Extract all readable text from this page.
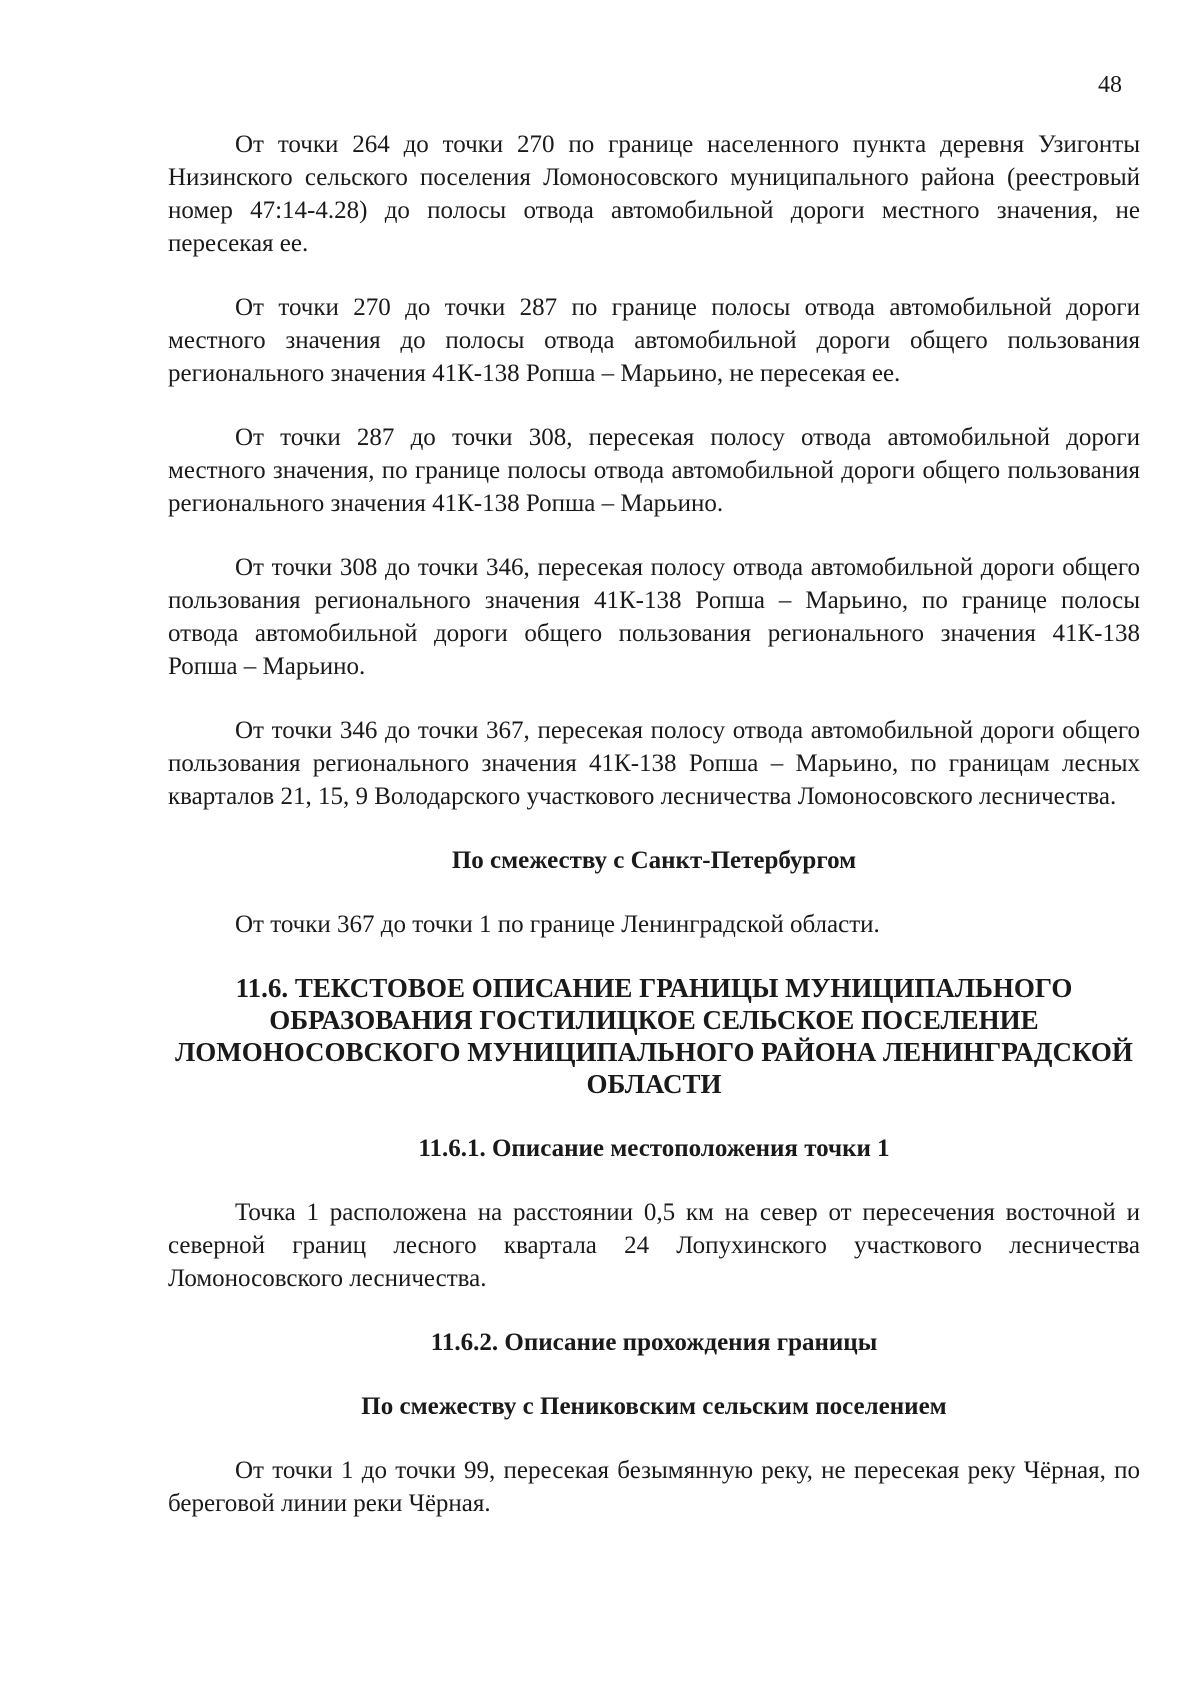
48

От точки 264 до точки 270 по границе населенного пункта деревня Узигонты Низинского сельского поселения Ломоносовского муниципального района (реестровый номер 47:14-4.28) до полосы отвода автомобильной дороги местного значения, не пересекая ее.

От точки 270 до точки 287 по границе полосы отвода автомобильной дороги местного значения до полосы отвода автомобильной дороги общего пользования регионального значения 41К-138 Ропша – Марьино, не пересекая ее.

От точки 287 до точки 308, пересекая полосу отвода автомобильной дороги местного значения, по границе полосы отвода автомобильной дороги общего пользования регионального значения 41К-138 Ропша – Марьино.

От точки 308 до точки 346, пересекая полосу отвода автомобильной дороги общего пользования регионального значения 41К-138 Ропша – Марьино, по границе полосы отвода автомобильной дороги общего пользования регионального значения 41К-138 Ропша – Марьино.

От точки 346 до точки 367, пересекая полосу отвода автомобильной дороги общего пользования регионального значения 41К-138 Ропша – Марьино, по границам лесных кварталов 21, 15, 9 Володарского участкового лесничества Ломоносовского лесничества.

По смежеству с Санкт-Петербургом

От точки 367 до точки 1 по границе Ленинградской области.

11.6. ТЕКСТОВОЕ ОПИСАНИЕ ГРАНИЦЫ МУНИЦИПАЛЬНОГО ОБРАЗОВАНИЯ ГОСТИЛИЦКОЕ СЕЛЬСКОЕ ПОСЕЛЕНИЕ ЛОМОНОСОВСКОГО МУНИЦИПАЛЬНОГО РАЙОНА ЛЕНИНГРАДСКОЙ ОБЛАСТИ

11.6.1. Описание местоположения точки 1

Точка 1 расположена на расстоянии 0,5 км на север от пересечения восточной и северной границ лесного квартала 24 Лопухинского участкового лесничества Ломоносовского лесничества.

11.6.2. Описание прохождения границы

По смежеству с Пениковским сельским поселением

От точки 1 до точки 99, пересекая безымянную реку, не пересекая реку Чёрная, по береговой линии реки Чёрная.
